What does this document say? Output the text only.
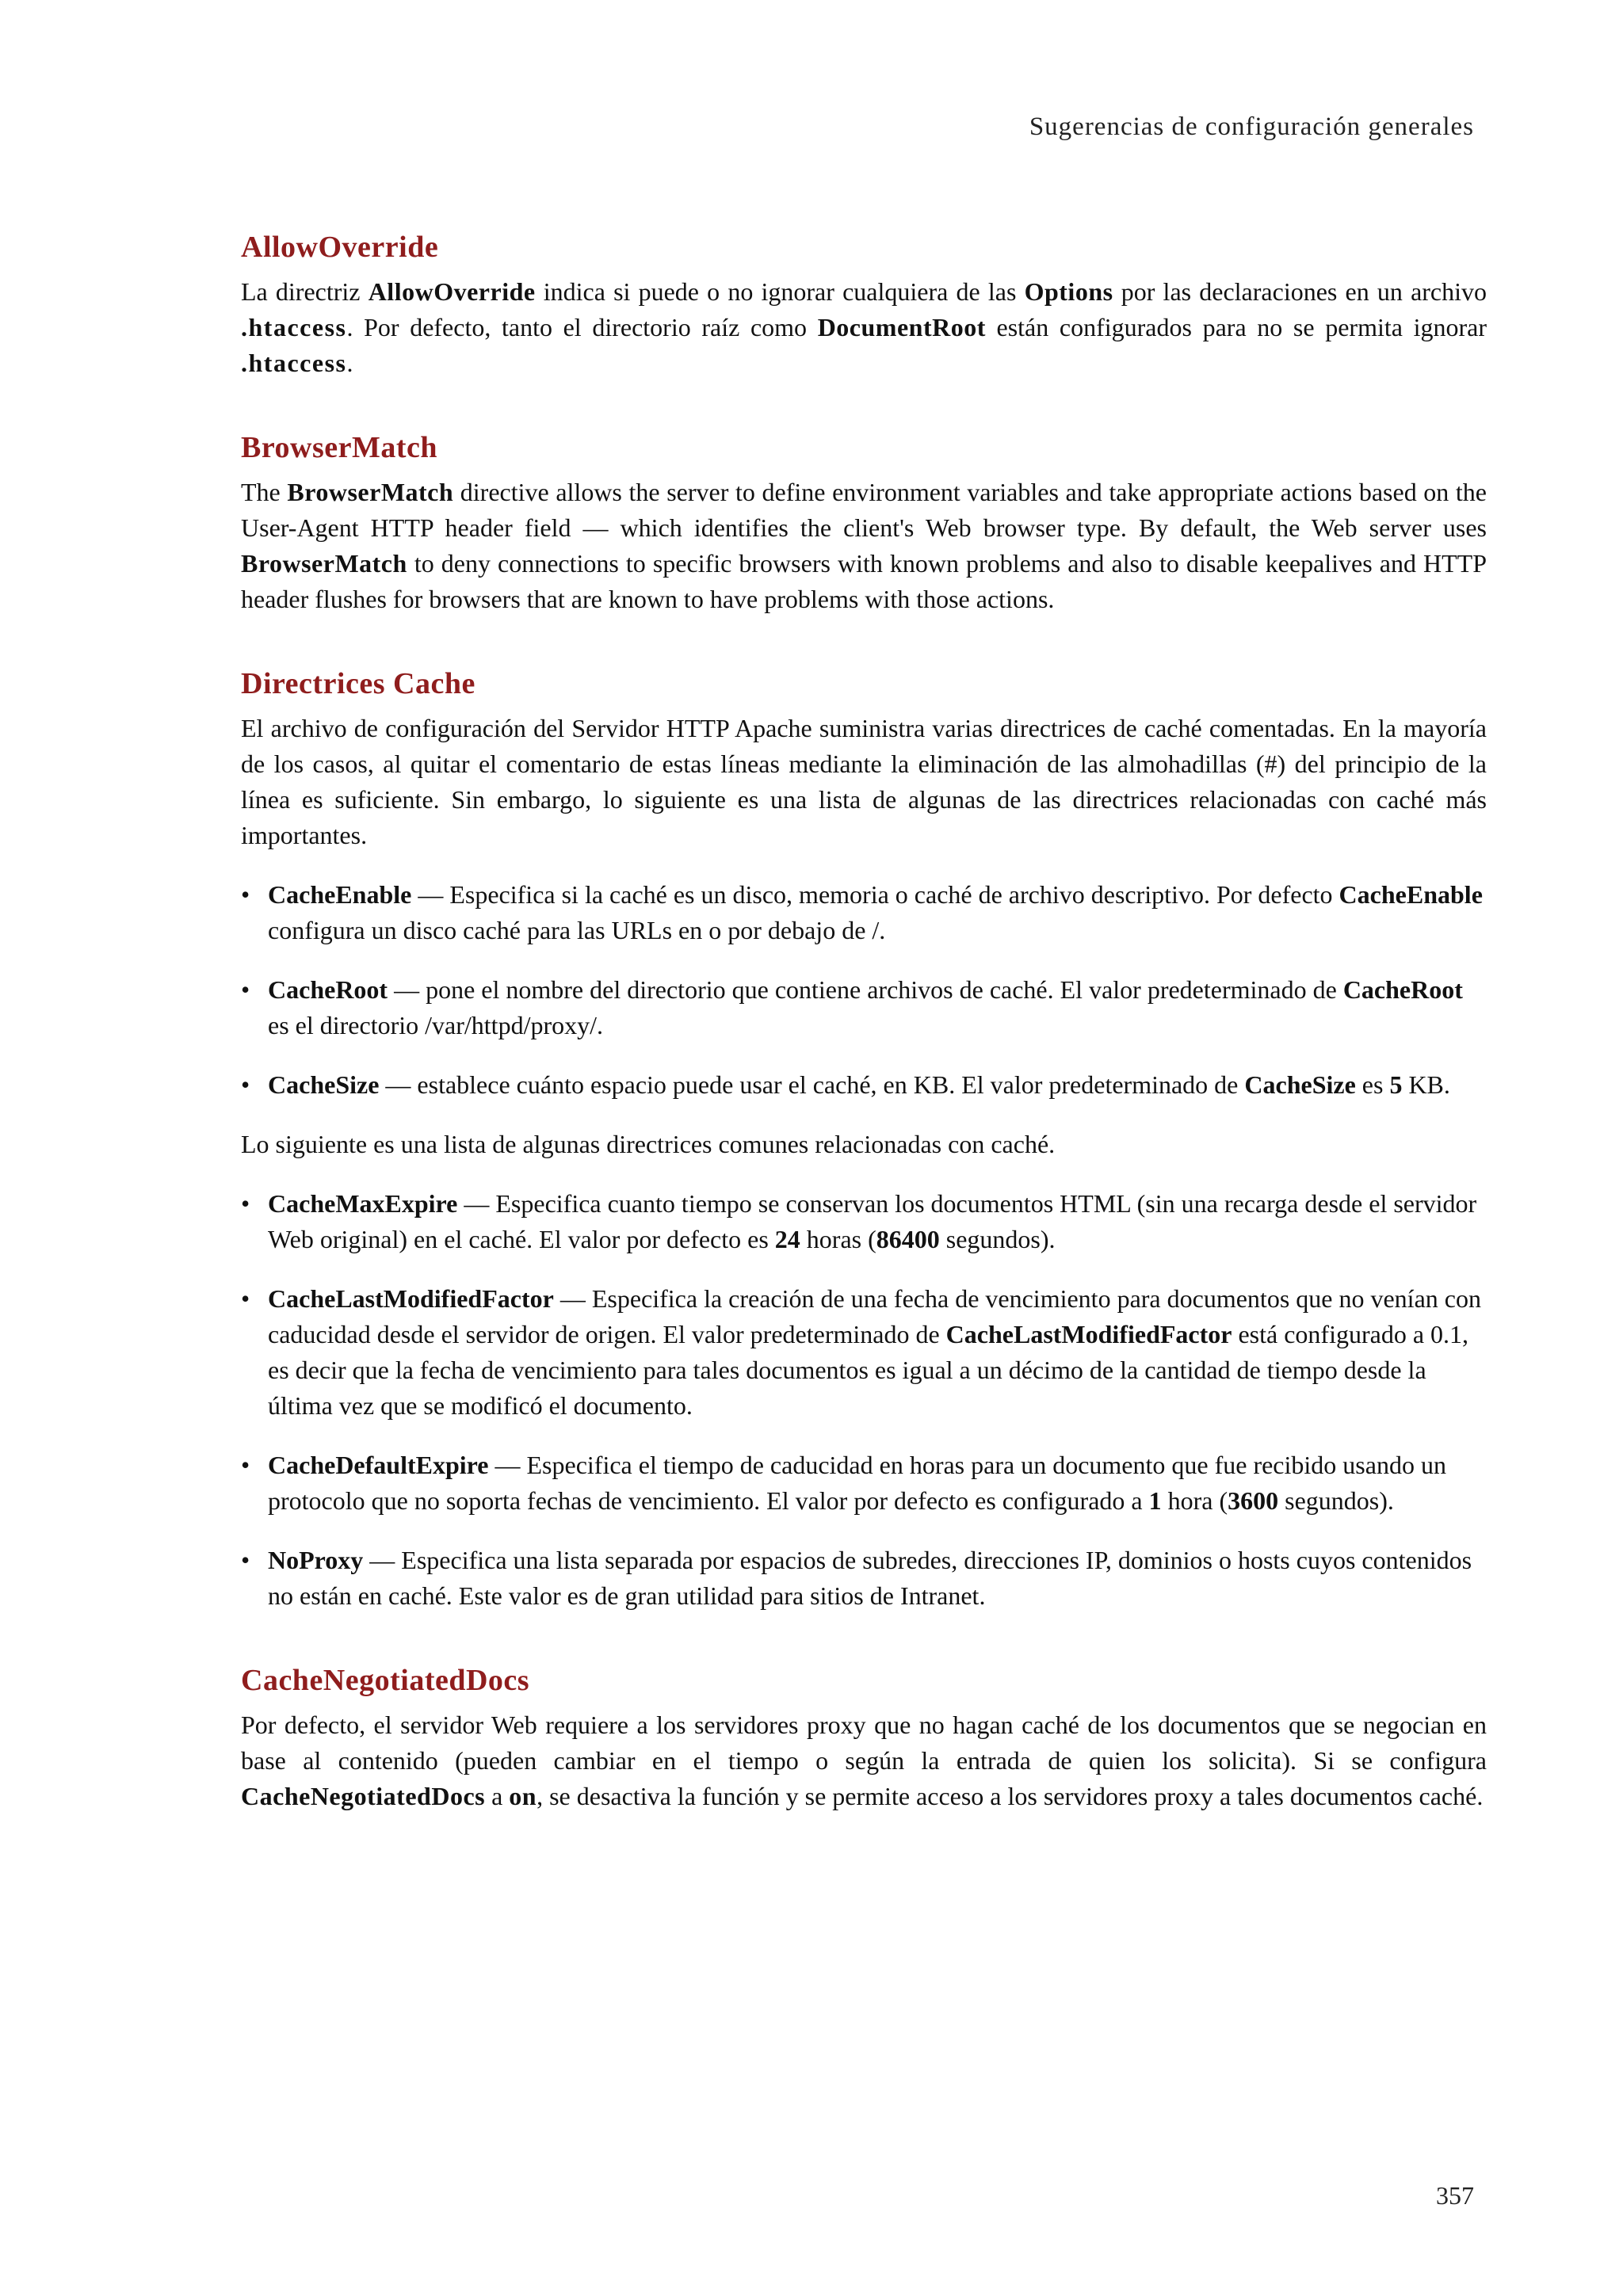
Sugerencias de configuración generales
AllowOverride

La directriz AllowOverride indica si puede o no ignorar cualquiera de las Options por las declaraciones en un archivo .htaccess. Por defecto, tanto el directorio raíz como DocumentRoot están configurados para no se permita ignorar .htaccess.

BrowserMatch

The BrowserMatch directive allows the server to define environment variables and take appropriate actions based on the User-Agent HTTP header field — which identifies the client's Web browser type. By default, the Web server uses BrowserMatch to deny connections to specific browsers with known problems and also to disable keepalives and HTTP header flushes for browsers that are known to have problems with those actions.

Directrices Cache

El archivo de configuración del Servidor HTTP Apache suministra varias directrices de caché comentadas. En la mayoría de los casos, al quitar el comentario de estas líneas mediante la eliminación de las almohadillas (#) del principio de la línea es suficiente. Sin embargo, lo siguiente es una lista de algunas de las directrices relacionadas con caché más importantes.

• CacheEnable — Especifica si la caché es un disco, memoria o caché de archivo descriptivo. Por defecto CacheEnable configura un disco caché para las URLs en o por debajo de /.
• CacheRoot — pone el nombre del directorio que contiene archivos de caché. El valor predeterminado de CacheRoot es el directorio /var/httpd/proxy/.
• CacheSize — establece cuánto espacio puede usar el caché, en KB. El valor predeterminado de CacheSize es 5 KB.

Lo siguiente es una lista de algunas directrices comunes relacionadas con caché.

• CacheMaxExpire — Especifica cuanto tiempo se conservan los documentos HTML (sin una recarga desde el servidor Web original) en el caché. El valor por defecto es 24 horas (86400 segundos).
• CacheLastModifiedFactor — Especifica la creación de una fecha de vencimiento para documentos que no venían con caducidad desde el servidor de origen. El valor predeterminado de CacheLastModifiedFactor está configurado a 0.1, es decir que la fecha de vencimiento para tales documentos es igual a un décimo de la cantidad de tiempo desde la última vez que se modificó el documento.
• CacheDefaultExpire — Especifica el tiempo de caducidad en horas para un documento que fue recibido usando un protocolo que no soporta fechas de vencimiento. El valor por defecto es configurado a 1 hora (3600 segundos).
• NoProxy — Especifica una lista separada por espacios de subredes, direcciones IP, dominios o hosts cuyos contenidos no están en caché. Este valor es de gran utilidad para sitios de Intranet.
CacheNegotiatedDocs

Por defecto, el servidor Web requiere a los servidores proxy que no hagan caché de los documentos que se negocian en base al contenido (pueden cambiar en el tiempo o según la entrada de quien los solicita). Si se configura CacheNegotiatedDocs a on, se desactiva la función y se permite acceso a los servidores proxy a tales documentos caché.

357
